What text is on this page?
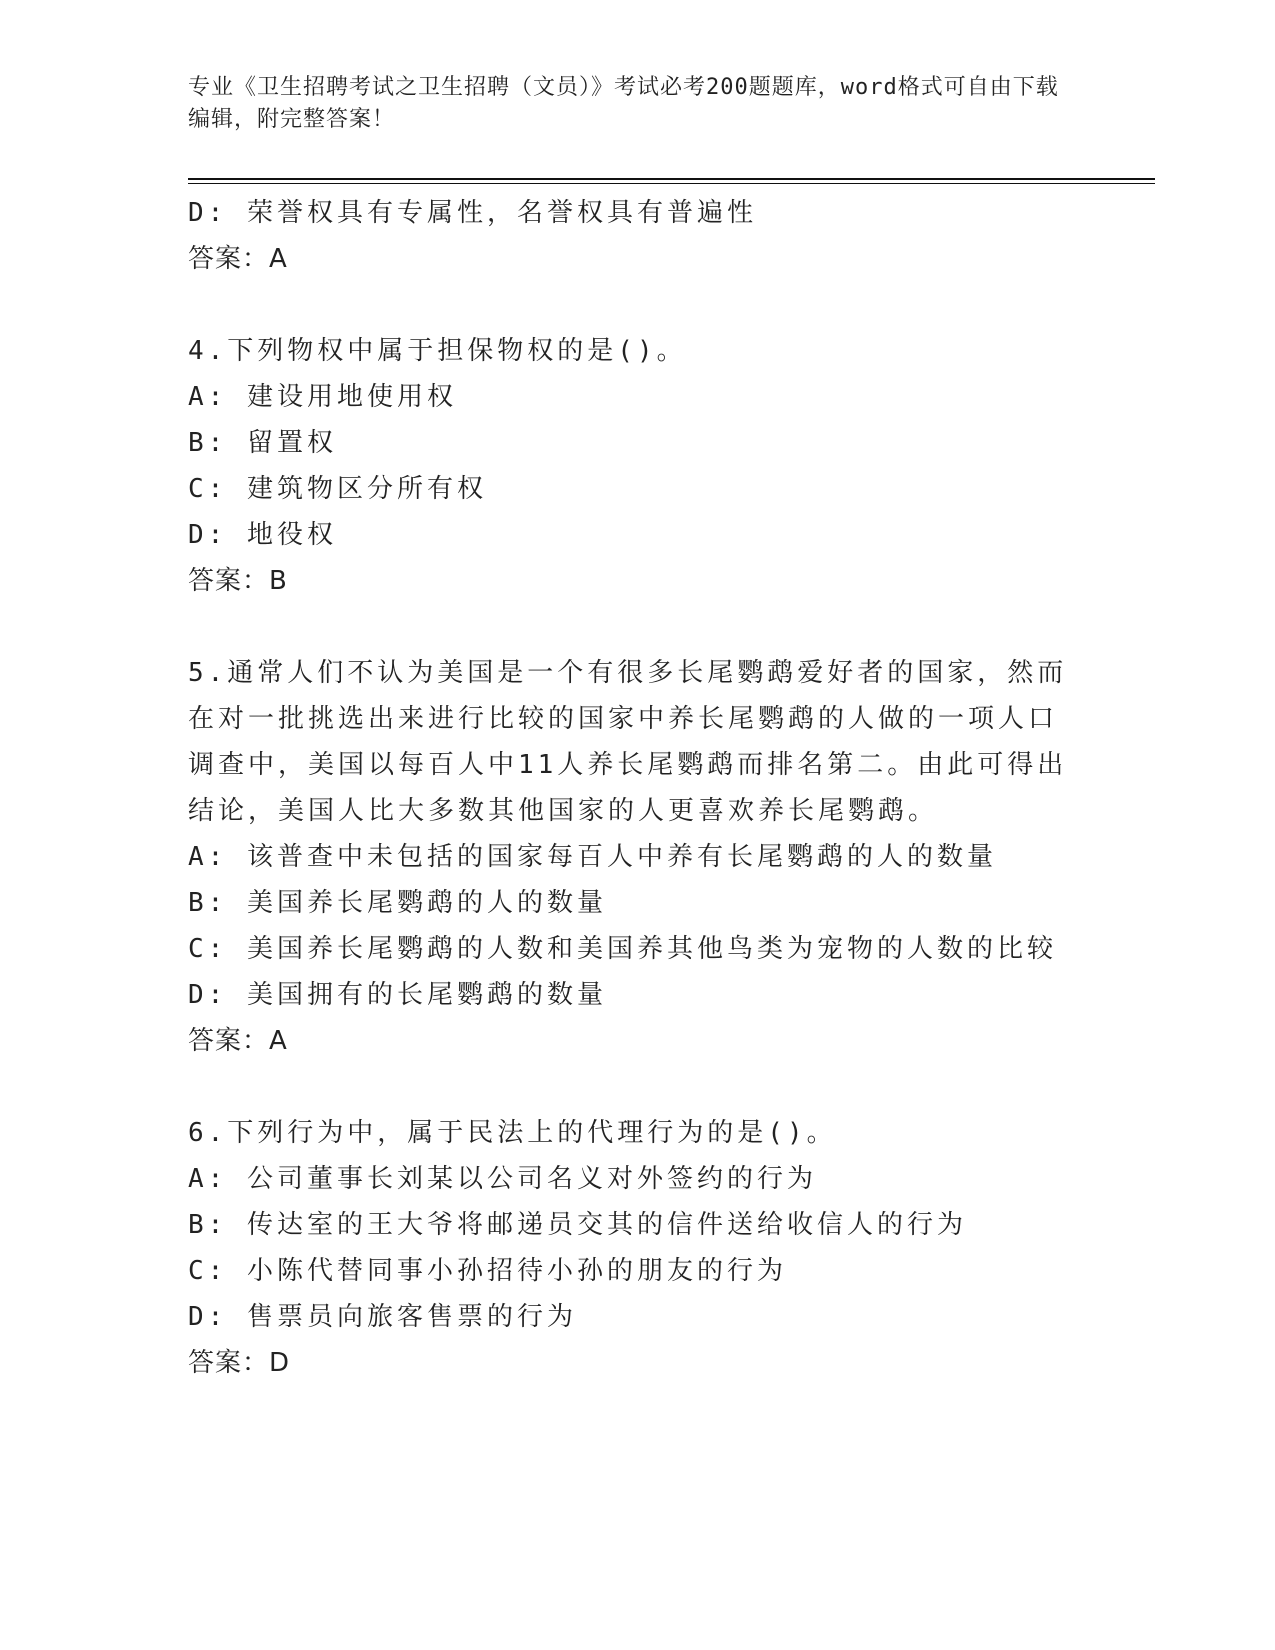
专业《卫生招聘考试之卫生招聘（文员）》考试必考200题题库，word格式可自由下载编辑，附完整答案！
D: 荣誉权具有专属性，名誉权具有普遍性
答案：A
4.下列物权中属于担保物权的是()。
A: 建设用地使用权
B: 留置权
C: 建筑物区分所有权
D: 地役权
答案：B
5.通常人们不认为美国是一个有很多长尾鹦鹉爱好者的国家，然而在对一批挑选出来进行比较的国家中养长尾鹦鹉的人做的一项人口调查中，美国以每百人中11人养长尾鹦鹉而排名第二。由此可得出结论，美国人比大多数其他国家的人更喜欢养长尾鹦鹉。
A: 该普查中未包括的国家每百人中养有长尾鹦鹉的人的数量
B: 美国养长尾鹦鹉的人的数量
C: 美国养长尾鹦鹉的人数和美国养其他鸟类为宠物的人数的比较
D: 美国拥有的长尾鹦鹉的数量
答案：A
6.下列行为中，属于民法上的代理行为的是()。
A: 公司董事长刘某以公司名义对外签约的行为
B: 传达室的王大爷将邮递员交其的信件送给收信人的行为
C: 小陈代替同事小孙招待小孙的朋友的行为
D: 售票员向旅客售票的行为
答案：D
